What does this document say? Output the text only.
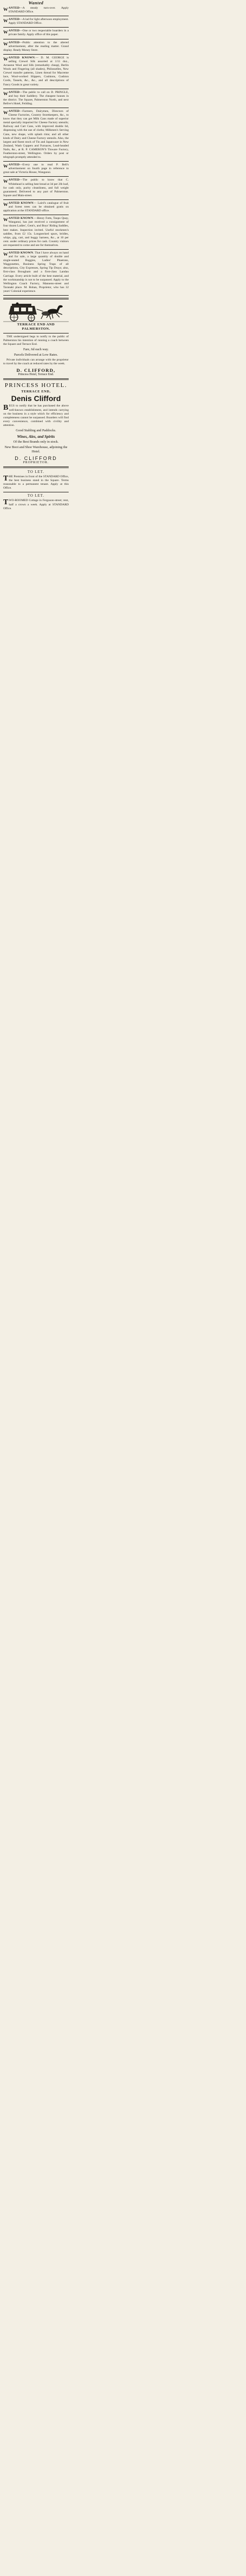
Wanted
WANTED—A steady turn-over. Apply STANDARD Office.
WANTED—A lad for light afternoon employment. Apply STANDARD Office.
WANTED—One or two respectable boarders in a private family. Apply office of this paper.
WANTED—Public attention to the altered advertisement, after the reading matter. Grand display. Ready Money Store.
WANTED KNOWN.— D. M. GEORGE is selling Crewel Silk assorted at 1/11 doz., Arrasene Wool and Silk (remarkably cheap), Berlin Wools and Fingering (all shades), Philosselles, New Crewel transfer patterns, Linen thread for Macreme lace, Wool-worked Slippers, Cushions, Cushion Cords, Tassels, &c., &c., and all descriptions of Fancy Goods in great variety.
WANTED—The public to call on D. PRINGLE, and buy their Saddlery. The cheapest houses in the district. The Square, Palmerston North, and next Bellve's Hotel, Feilding.
WANTED—Farmers, Dairymen, Directors of Cheese Factories, Country Storekeepers, &c., to know that they can get Milk Cans made of superior metal specially imported for Cheese Factory utensils; Railway and Cart Cans, with improved double lid, dispensing with the use of cloths; Milkmen's Serving Cans, new shape, with splash rims; and all other kinds of Dairy and Cheese Factory utensils. Also, the largest and finest stock of Tin and Japanware in New Zealand, Wash Coppers and Furnaces, Lead-headed Nails, &c., at R. P. CAMERON'S Tinware Factory, Featherston-street, Wellington. Orders by post or telegraph promptly attended to.
WANTED—Every one to read P. Bell's advertisement on fourth page in reference to great sale at Victoria House, Wanganui.
WANTED—The public to know that C. Whitehead is selling best bread at 3d per 2lb loaf, for cash only, purity cleanliness, and full weight guaranteed. Delivered to any part of Palmerston. Square and Main-street.
WANTED KNOWN— Laird's catalogue of fruit and forest trees can be obtained gratis on application at the STANDARD office.
WANTED KNOWN.—Henry Fotts, Taupo Quay, Wanganui, has just received a consignment of four dozen Ladies', Gent's, and Boys' Riding Saddles, best makes. Inspection invited. Useful stockmen's saddles, from £2 15s. Longnecked spurs, bridles, whips, gig, cart, and buggy harness, &c., at 10 per cent. under ordinary prices for cash. Country visitors are requested to come and see for themselves.
WANTED KNOWN. That I have always on hand and for sale, a large quantity of double and single-seated Buggies, Ladies' Phaetons, Waggonettes, Business Spring Traps of all descriptions, City Expresses, Spring Tip Drays; also, first-class Brougham and a first-class Landau Carriage. Every article built of the best material, and the workmanship is not to be surpassed. Apply to the Wellington Coach Factory, Mannens-street and Taranaki place. M. Bohan, Proprietor, who has 32 years' Colonial experience.
TERRACE END AND PALMERSTON.
THE undersigned begs to notify to the public of Palmerston his intention of running a coach between the Square and Terrace End.
Fare, 6d each way.
Parcels Delivered at Low Rates.
Private individuals can arrange with the proprietor to travel by the coach at reduced rates by the week.
D. CLIFFORD,
Princess Hotel, Terrace End.
PRINCESS HOTEL.
TERRACE END,
Denis Clifford
BEGS to notify that he has purchased the above well-known establishment, and intends carrying on the business in a style which for efficiency and completeness cannot be surpassed. Boarders will find every convenience, combined with civility and attention.
Good Stabling and Paddocks.
Wines, Ales, and Spirits
Of the Best Brands only in stock.
New Boot and Shoe Warehouse, adjoining the Hotel.
D. CLIFFORD
PROPRIETOR.
TO LET.
THE Premises in front of the STANDARD Office, the best business stand in the Square. Terms reasonable to a permanent tenant. Apply at this Office.
TO LET.
TWO-ROOMED Cottage in Ferguson-street; rent, half a crown a week. Apply at STANDARD Office.
